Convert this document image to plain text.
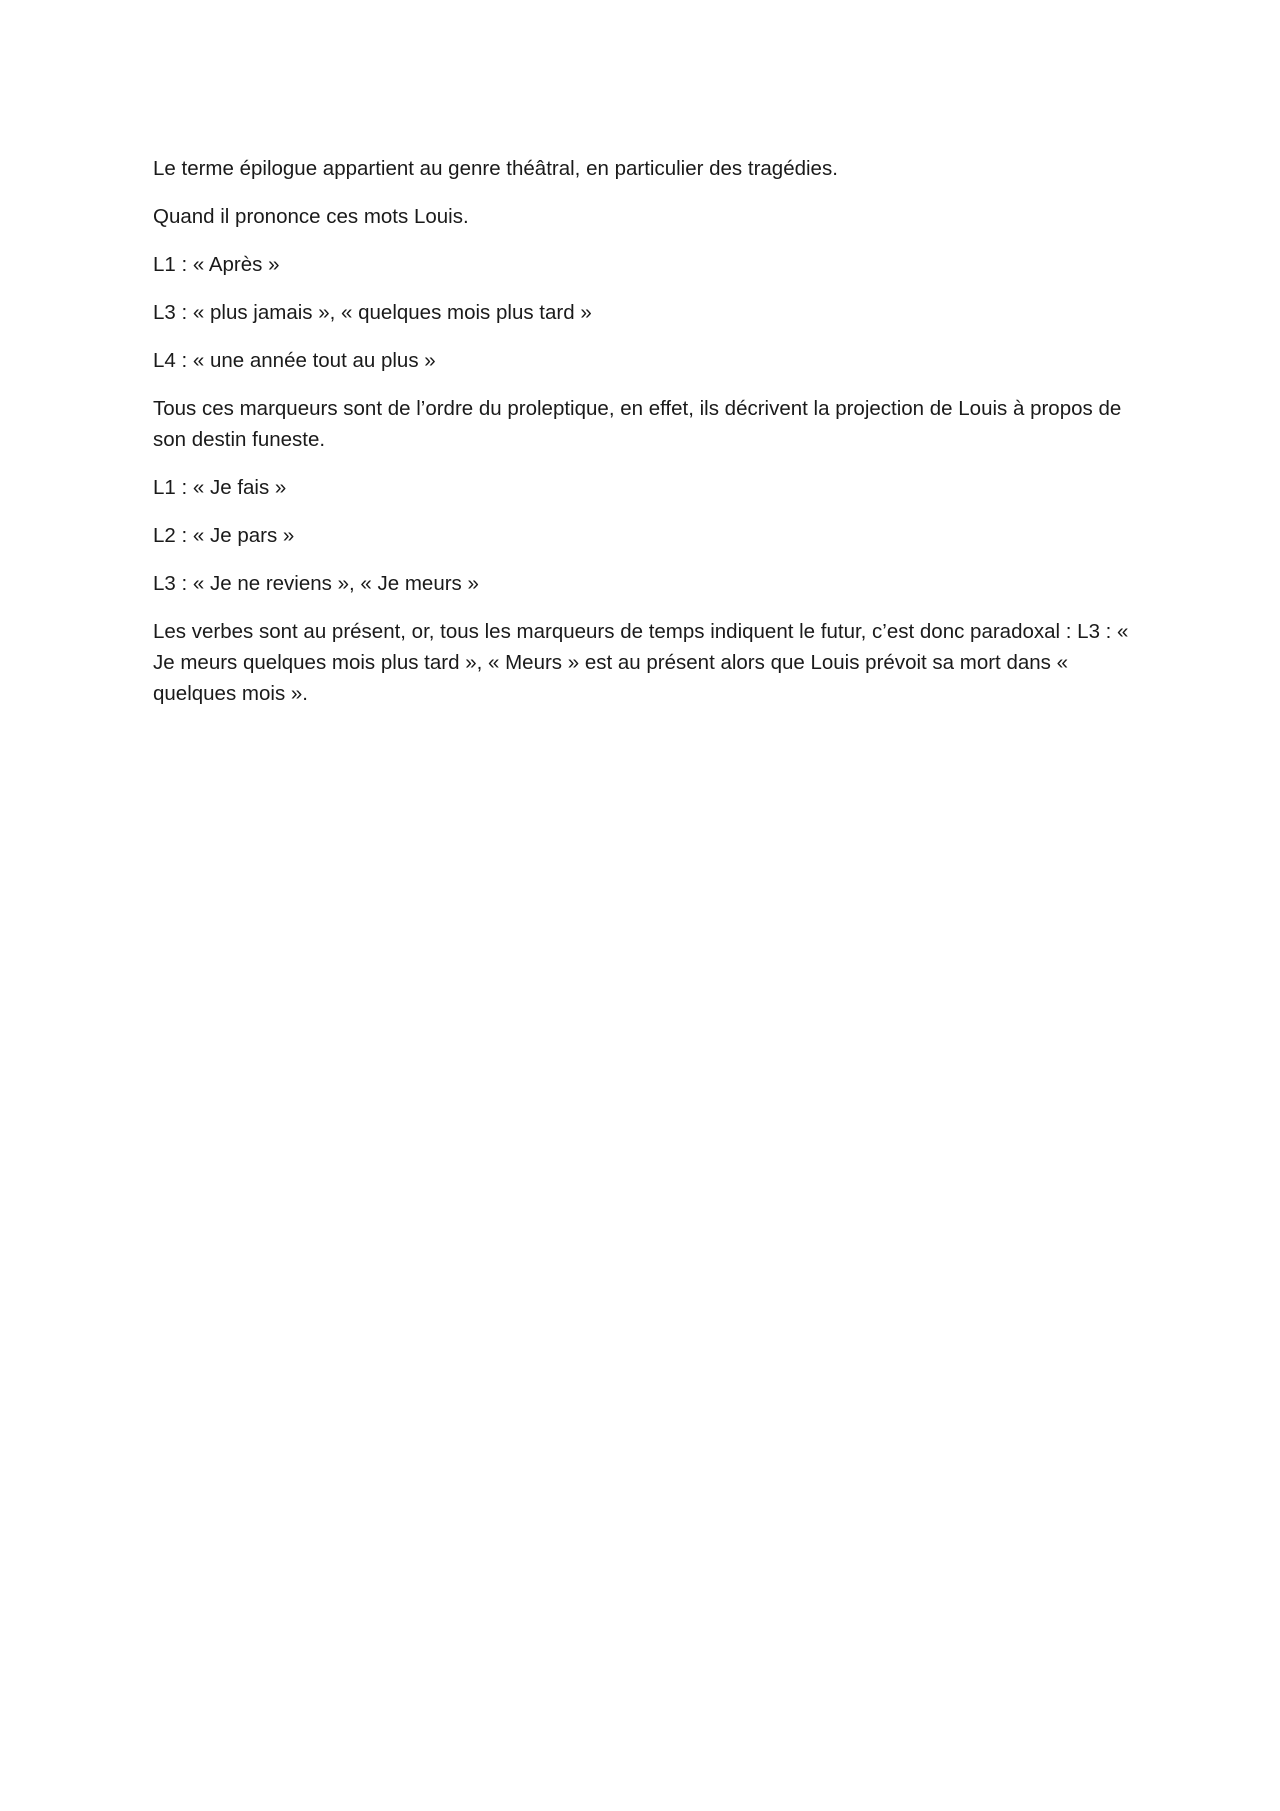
Le terme épilogue appartient au genre théâtral, en particulier des tragédies.

Quand il prononce ces mots Louis.

L1 : « Après »

L3 : « plus jamais », « quelques mois plus tard »

L4 : « une année tout au plus »

Tous ces marqueurs sont de l’ordre du proleptique, en effet, ils décrivent la projection de Louis à propos de son destin funeste.

L1 : « Je fais »

L2 : « Je pars »

L3 : « Je ne reviens », « Je meurs »

Les verbes sont au présent, or, tous les marqueurs de temps indiquent le futur, c’est donc paradoxal : L3 : « Je meurs quelques mois plus tard », « Meurs » est au présent alors que Louis prévoit sa mort dans « quelques mois ».
